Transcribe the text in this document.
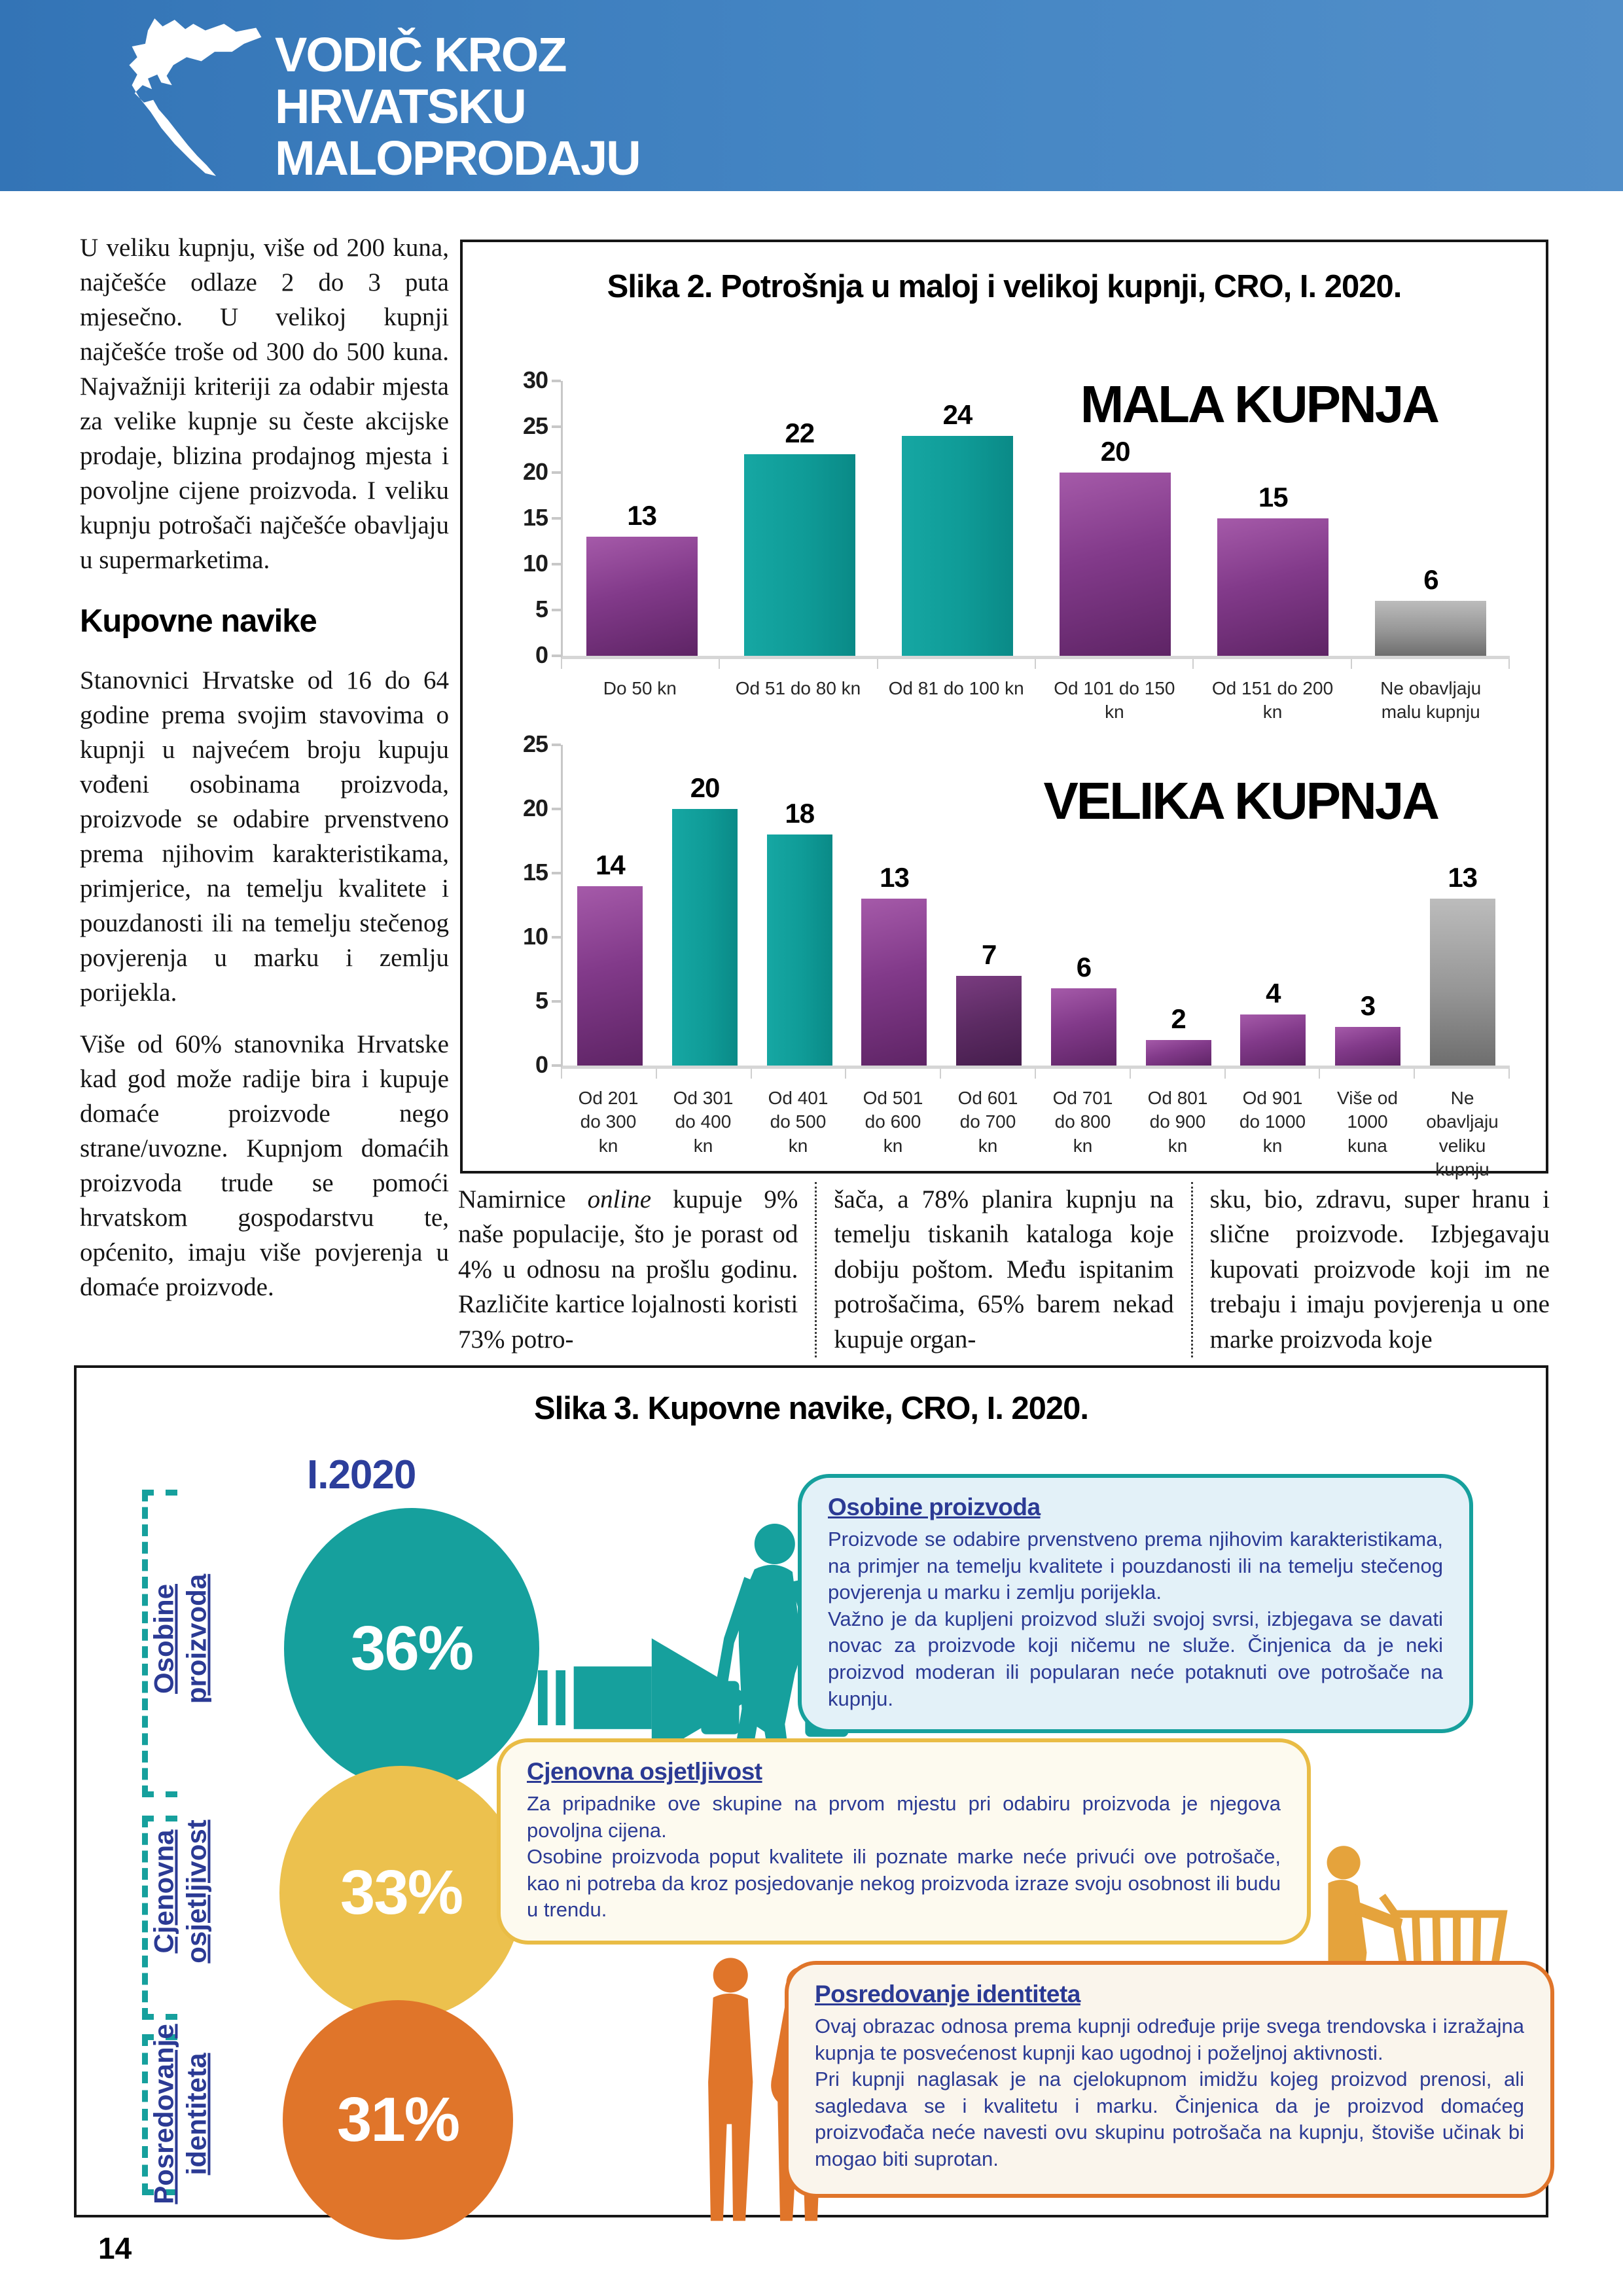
VODIČ KROZ
HRVATSKU
MALOPRODAJU

U veliku kupnju, više od 200 kuna, najčešće odlaze 2 do 3 puta mjesečno. U velikoj kupnji najčešće troše od 300 do 500 kuna. Najvažniji kriteriji za odabir mjesta za velike kupnje su česte akcijske prodaje, blizina prodajnog mjesta i povoljne cijene proizvoda. I veliku kupnju potrošači najčešće obavljaju u supermarketima.

Kupovne navike

Stanovnici Hrvatske od 16 do 64 godine prema svojim stavovima o kupnji u najvećem broju kupuju vođeni osobinama proizvoda, proizvode se odabire prvenstveno prema njihovim karakteristikama, primjerice, na temelju kvalitete i pouzdanosti ili na temelju stečenog povjerenja u marku i zemlju porijekla.

Više od 60% stanovnika Hrvatske kad god može radije bira i kupuje domaće proizvode nego strane/uvozne. Kupnjom domaćih proizvoda trude se pomoći hrvatskom gospodarstvu te, općenito, imaju više povjerenja u domaće proizvode.

Slika 2. Potrošnja u maloj i velikoj kupnji, CRO, I. 2020.
0
5
10
15
20
25
30
13
22
24
20
15
6
MALA KUPNJA
Do 50 kn	Od 51 do 80 kn	Od 81 do 100 kn	Od 101 do 150 kn
Od 151 do 200 kn
Ne obavljaju malu kupnju
0
5
10
15
20
25
14
20
18
13
7	6
2
4	3
13
VELIKA KUPNJA
Od 201 do 300 kn
Od 301 do 400 kn
Od 401 do 500 kn
Od 501 do 600 kn
Od 601 do 700 kn
Od 701 do 800 kn
Od 801 do 900 kn
Od 901 do 1000 kn
Više od 1000 kuna
Ne obavljaju veliku kupnju
Namirnice online kupuje 9% naše populacije, što je porast od 4% u odnosu na prošlu godinu. Različite kartice lojalnosti koristi 73% potro-
šača, a 78% planira kupnju na temelju tiskanih kataloga koje dobiju poštom. Među ispitanim potrošačima, 65% barem nekad kupuje organ-
sku, bio, zdravu, super hranu i slične proizvode. Izbjegavaju kupovati proizvode koji im ne trebaju i imaju povjerenja u one marke proizvoda koje
Slika 3. Kupovne navike, CRO, I. 2020.
Osobine proizvoda
Cjenovna osjetljivost
Posredovanje identiteta
I.2020
36%
33%
31%
Osobine proizvoda

Proizvode se odabire prvenstveno prema njihovim karakteristikama, na primjer na temelju kvalitete i pouzdanosti ili na temelju stečenog povjerenja u marku i zemlju porijekla.

Važno je da kupljeni proizvod služi svojoj svrsi, izbjegava se davati novac za proizvode koji ničemu ne služe. Činjenica da je neki proizvod moderan ili popularan neće potaknuti ove potrošače na kupnju.

Cjenovna osjetljivost

Za pripadnike ove skupine na prvom mjestu pri odabiru proizvoda je njegova povoljna cijena.

Osobine proizvoda poput kvalitete ili poznate marke neće privući ove potrošače, kao ni potreba da kroz posjedovanje nekog proizvoda izraze svoju osobnost ili budu u trendu.

Posredovanje identiteta

Ovaj obrazac odnosa prema kupnji određuje prije svega trendovska i izražajna kupnja te posvećenost kupnji kao ugodnoj i poželjnoj aktivnosti.

Pri kupnji naglasak je na cjelokupnom imidžu kojeg proizvod prenosi, ali sagledava se i kvalitetu i marku. Činjenica da je proizvod domaćeg proizvođača neće navesti ovu skupinu potrošača na kupnju, štoviše učinak bi mogao biti suprotan.

14
